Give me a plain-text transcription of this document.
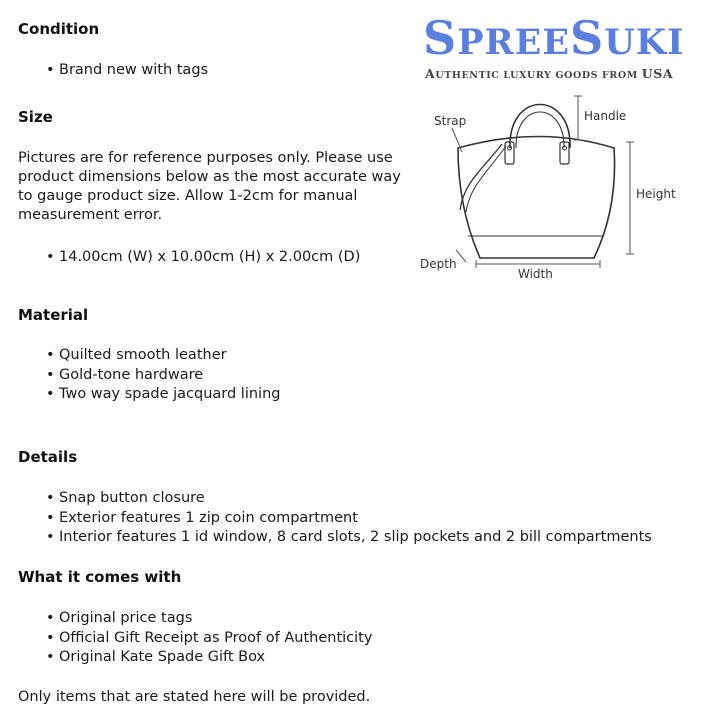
Condition
• Brand new with tags
Size

Pictures are for reference purposes only. Please use product dimensions below as the most accurate way to gauge product size. Allow 1-2cm for manual measurement error.

• 14.00cm (W) x 10.00cm (H) x 2.00cm (D)
Material
• Quilted smooth leather
• Gold-tone hardware
• Two way spade jacquard lining
Details
• Snap button closure
• Exterior features 1 zip coin compartment
• Interior features 1 id window, 8 card slots, 2 slip pockets and 2 bill compartments
What it comes with
• Original price tags
• Official Gift Receipt as Proof of Authenticity
• Original Kate Spade Gift Box

Only items that are stated here will be provided.

SPREESUKI
AUTHENTIC LUXURY GOODS FROM USA
Strap	Handle
Height
Depth
Width
